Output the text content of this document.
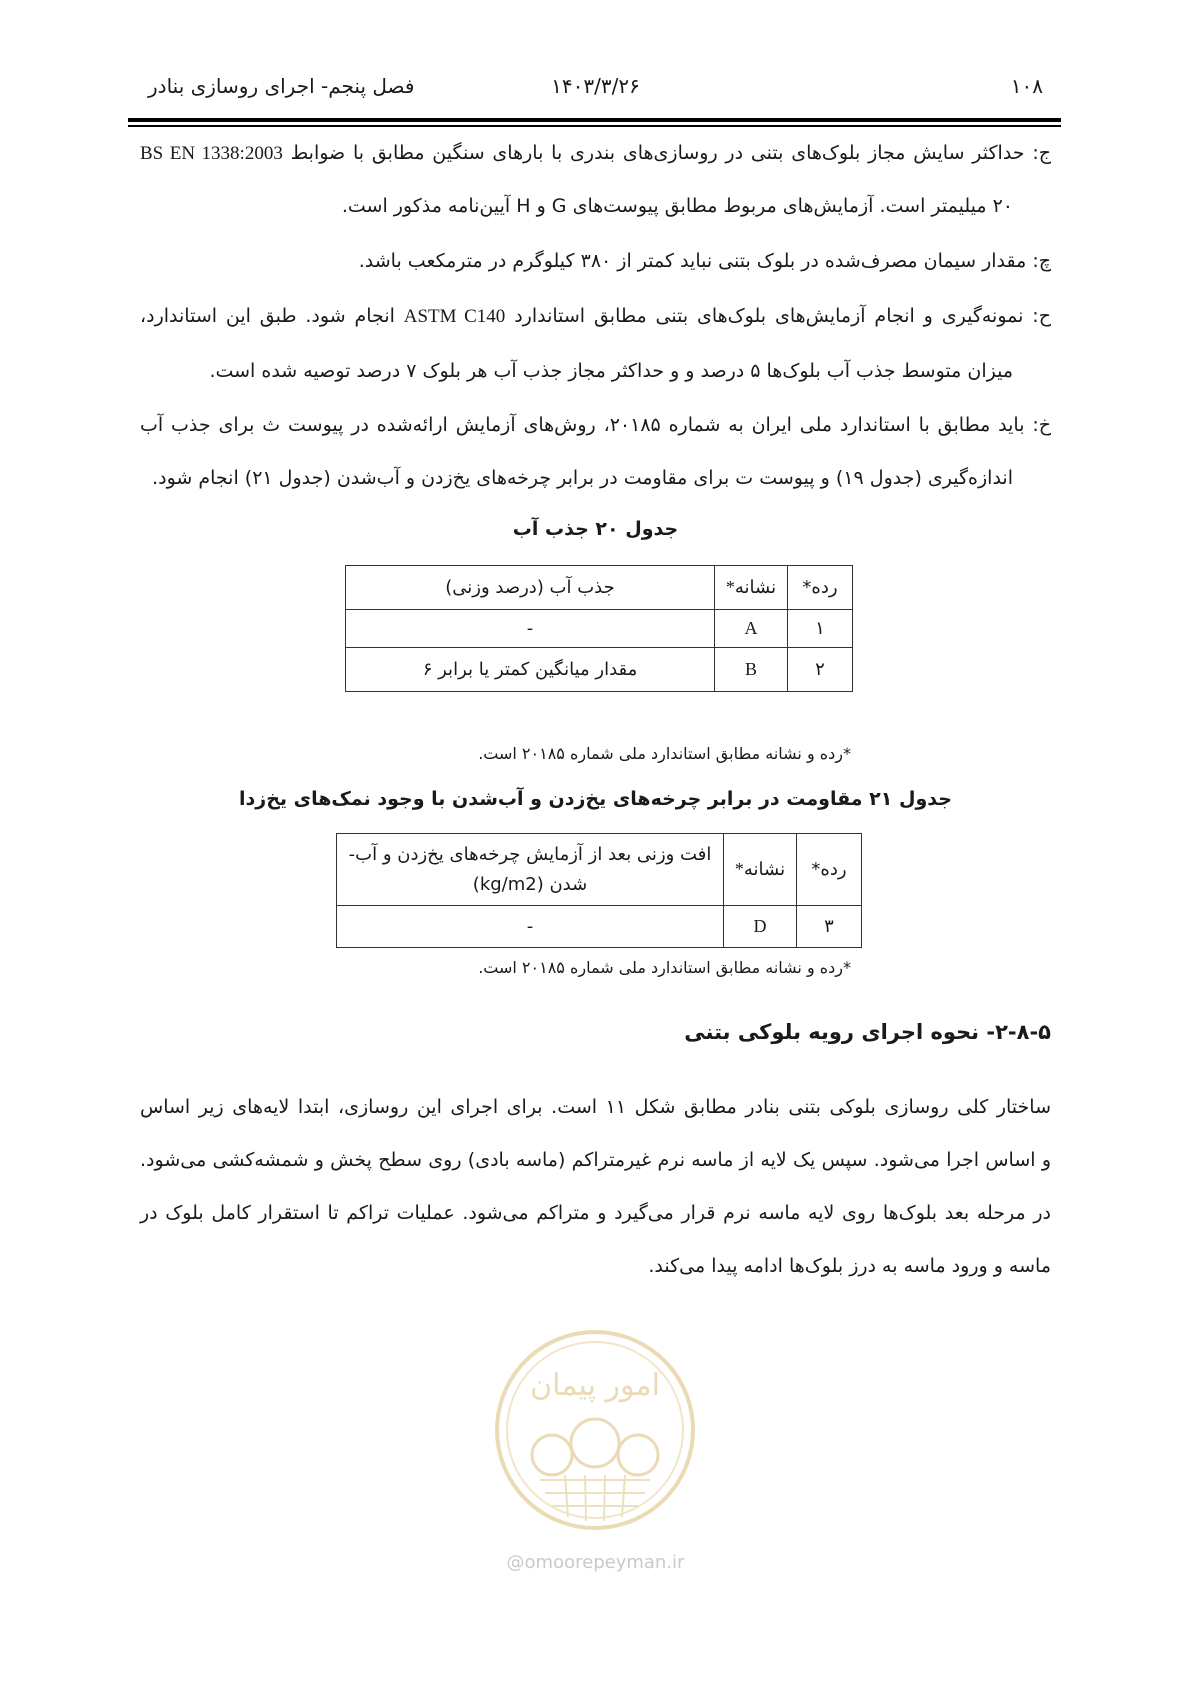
۱۰۸
۱۴۰۳/۳/۲۶
فصل پنجم- اجرای روسازی بنادر
ج: حداکثر سایش مجاز بلوک‌های بتنی در روسازی‌های بندری با بارهای سنگین مطابق با ضوابط BS EN 1338:2003
۲۰ میلیمتر است. آزمایش‌های مربوط مطابق پیوست‌های G و H آیین‌نامه مذکور است.
چ: مقدار سیمان مصرف‌شده در بلوک بتنی نباید کمتر از ۳۸۰ کیلوگرم در مترمکعب باشد.
ح: نمونه‌گیری و انجام آزمایش‌های بلوک‌های بتنی مطابق استاندارد ASTM C140 انجام شود. طبق این استاندارد،
میزان متوسط جذب آب بلوک‌ها ۵ درصد و و حداکثر مجاز جذب آب هر بلوک ۷ درصد توصیه شده است.
خ: باید مطابق با استاندارد ملی ایران به شماره ۲۰۱۸۵، روش‌های آزمایش ارائه‌شده در پیوست ث برای جذب آب
اندازه‌گیری (جدول ۱۹) و پیوست ت برای مقاومت در برابر چرخه‌های یخ‌زدن و آب‌شدن (جدول ۲۱) انجام شود.
جدول ۲۰ جذب آب
رده*	نشانه*	جذب آب (درصد وزنی)
۱	A	-
۲	B	مقدار میانگین کمتر یا برابر ۶
*رده و نشانه مطابق استاندارد ملی شماره ۲۰۱۸۵ است.
جدول ۲۱ مقاومت در برابر چرخه‌های یخ‌زدن و آب‌شدن با وجود نمک‌های یخ‌زدا
رده*	نشانه*	افت وزنی بعد از آزمایش چرخه‌های یخ‌زدن و آب-
شدن (kg/m2)

۳	D	-
*رده و نشانه مطابق استاندارد ملی شماره ۲۰۱۸۵ است.
۲-۸-۵- نحوه اجرای رویه بلوکی بتنی
ساختار کلی روسازی بلوکی بتنی بنادر مطابق شکل ۱۱ است. برای اجرای این روسازی، ابتدا لایه‌های زیر اساس
و اساس اجرا می‌شود. سپس یک لایه از ماسه نرم غیرمتراکم (ماسه بادی) روی سطح پخش و شمشه‌کشی می‌شود.
در مرحله بعد بلوک‌ها روی لایه ماسه نرم قرار می‌گیرد و متراکم می‌شود. عملیات تراکم تا استقرار کامل بلوک در
ماسه و ورود ماسه به درز بلوک‌ها ادامه پیدا می‌کند.
امور پیمان
@omoorepeyman.ir
